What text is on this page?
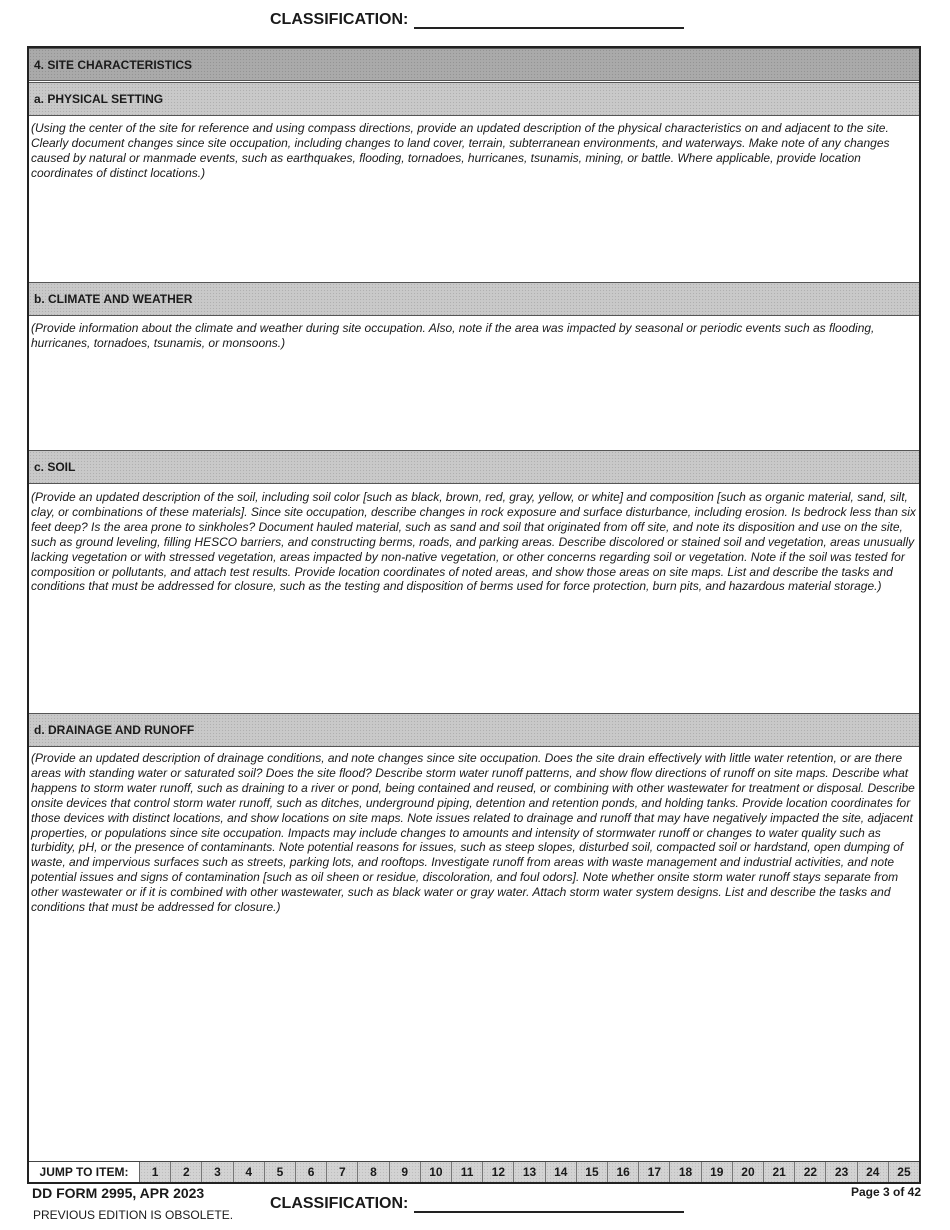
CLASSIFICATION:
4. SITE CHARACTERISTICS
a. PHYSICAL SETTING
(Using the center of the site for reference and using compass directions, provide an updated description of the physical characteristics on and adjacent to the site. Clearly document changes since site occupation, including changes to land cover, terrain, subterranean environments, and waterways. Make note of any changes caused by natural or manmade events, such as earthquakes, flooding, tornadoes, hurricanes, tsunamis, mining, or battle. Where applicable, provide location coordinates of distinct locations.)
b. CLIMATE AND WEATHER
(Provide information about the climate and weather during site occupation. Also, note if the area was impacted by seasonal or periodic events such as flooding, hurricanes, tornadoes, tsunamis, or monsoons.)
c. SOIL
(Provide an updated description of the soil, including soil color [such as black, brown, red, gray, yellow, or white] and composition [such as organic material, sand, silt, clay, or combinations of these materials]. Since site occupation, describe changes in rock exposure and surface disturbance, including erosion. Is bedrock less than six feet deep? Is the area prone to sinkholes? Document hauled material, such as sand and soil that originated from off site, and note its disposition and use on the site, such as ground leveling, filling HESCO barriers, and constructing berms, roads, and parking areas. Describe discolored or stained soil and vegetation, areas unusually lacking vegetation or with stressed vegetation, areas impacted by non-native vegetation, or other concerns regarding soil or vegetation. Note if the soil was tested for composition or pollutants, and attach test results. Provide location coordinates of noted areas, and show those areas on site maps. List and describe the tasks and conditions that must be addressed for closure, such as the testing and disposition of berms used for force protection, burn pits, and hazardous material storage.)
d. DRAINAGE AND RUNOFF
(Provide an updated description of drainage conditions, and note changes since site occupation. Does the site drain effectively with little water retention, or are there areas with standing water or saturated soil? Does the site flood? Describe storm water runoff patterns, and show flow directions of runoff on site maps. Describe what happens to storm water runoff, such as draining to a river or pond, being contained and reused, or combining with other wastewater for treatment or disposal. Describe onsite devices that control storm water runoff, such as ditches, underground piping, detention and retention ponds, and holding tanks. Provide location coordinates for those devices with distinct locations, and show locations on site maps. Note issues related to drainage and runoff that may have negatively impacted the site, adjacent properties, or populations since site occupation. Impacts may include changes to amounts and intensity of stormwater runoff or changes to water quality such as turbidity, pH, or the presence of contaminants. Note potential reasons for issues, such as steep slopes, disturbed soil, compacted soil or hardstand, open dumping of waste, and impervious surfaces such as streets, parking lots, and rooftops. Investigate runoff from areas with waste management and industrial activities, and note potential issues and signs of contamination [such as oil sheen or residue, discoloration, and foul odors]. Note whether onsite storm water runoff stays separate from other wastewater or if it is combined with other wastewater, such as black water or gray water. Attach storm water system designs. List and describe the tasks and conditions that must be addressed for closure.)
JUMP TO ITEM:	1	2	3	4	5	6	7	8	9	10	11	12	13	14	15	16	17	18	19	20	21	22	23	24	25
DD FORM 2995, APR 2023
PREVIOUS EDITION IS OBSOLETE.
Page 3 of 42
CLASSIFICATION:
